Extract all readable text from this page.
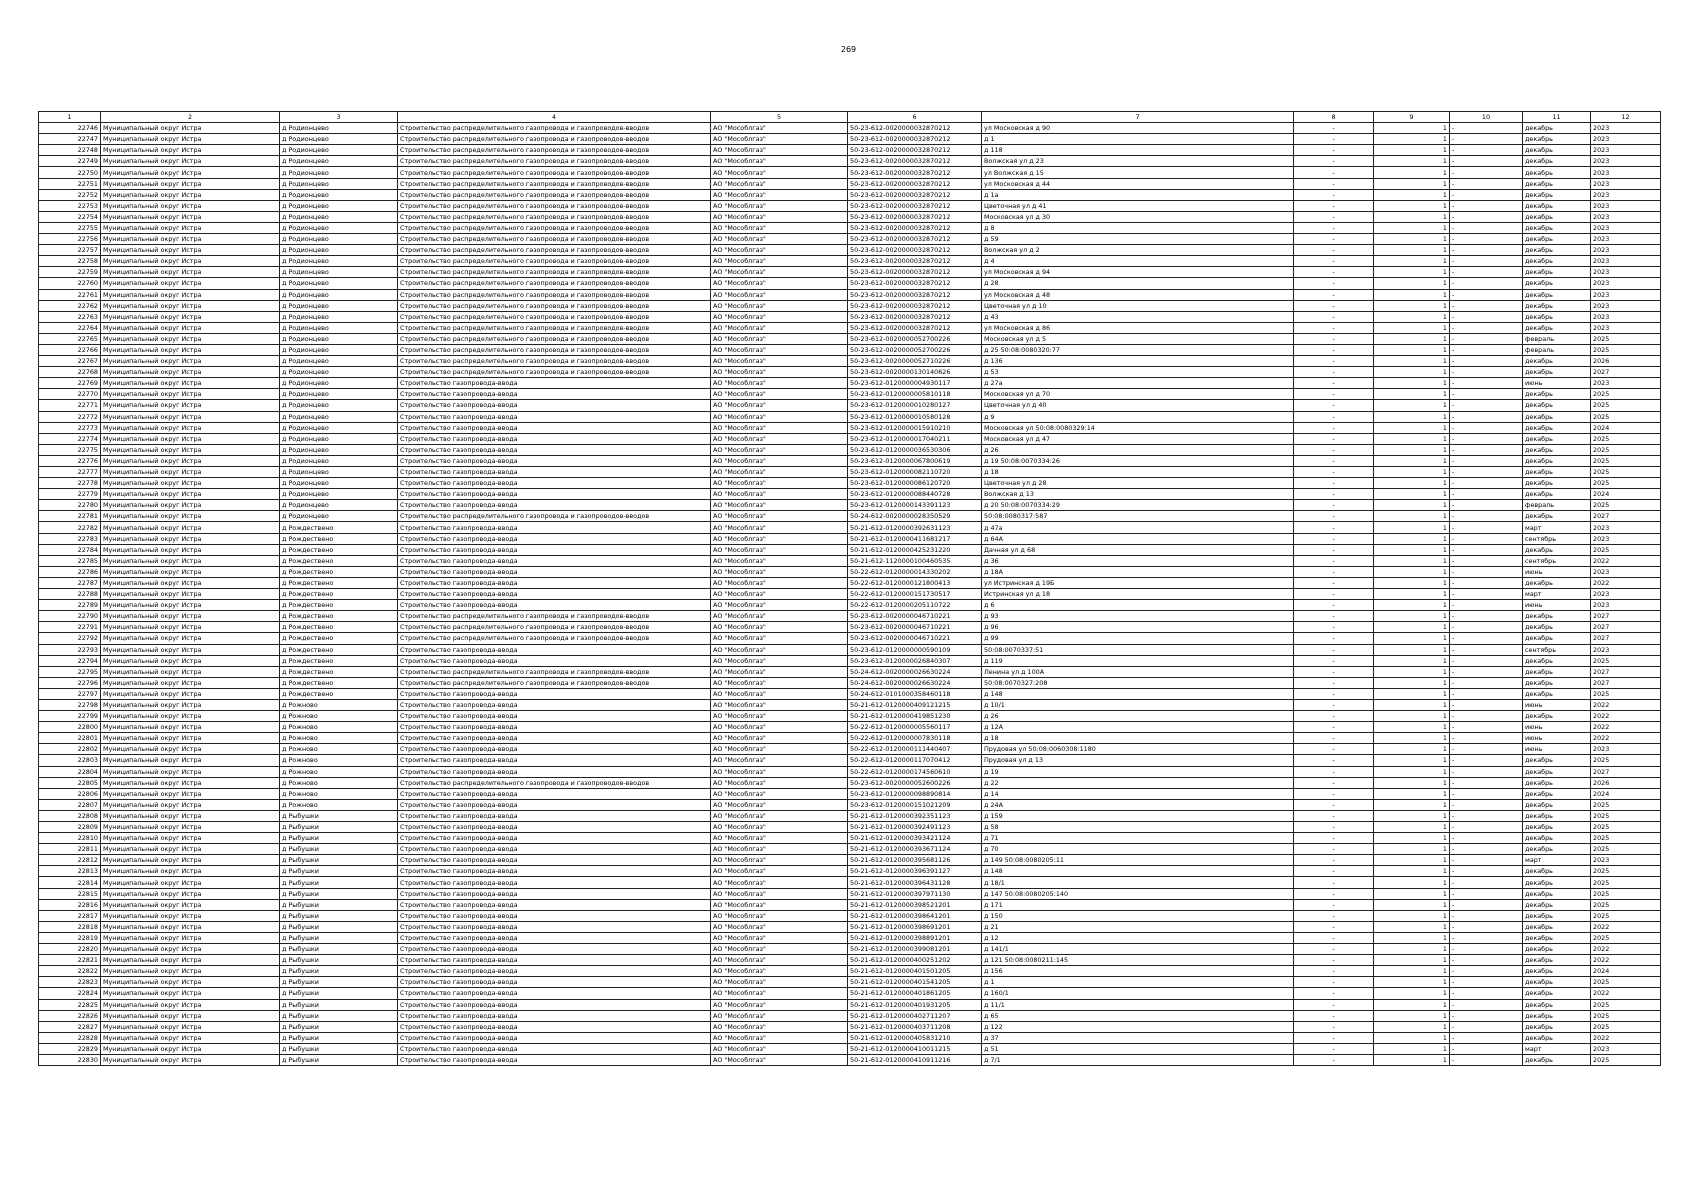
269
1	2	3	4	5	6	7	8	9	10	11	12
22746	Муниципальный округ Истра	д Родионцево	Строительство распределительного газопровода и газопроводов-вводов	АО "Мособлгаз"	50-23-612-0020000032870212	ул Московская д 90	-	1	-	декабрь	2023
22747	Муниципальный округ Истра	д Родионцево	Строительство распределительного газопровода и газопроводов-вводов	АО "Мособлгаз"	50-23-612-0020000032870212	д 1	-	1	-	декабрь	2023
22748	Муниципальный округ Истра	д Родионцево	Строительство распределительного газопровода и газопроводов-вводов	АО "Мособлгаз"	50-23-612-0020000032870212	д 118	-	1	-	декабрь	2023
22749	Муниципальный округ Истра	д Родионцево	Строительство распределительного газопровода и газопроводов-вводов	АО "Мособлгаз"	50-23-612-0020000032870212	Волжская ул д 23	-	1	-	декабрь	2023
22750	Муниципальный округ Истра	д Родионцево	Строительство распределительного газопровода и газопроводов-вводов	АО "Мособлгаз"	50-23-612-0020000032870212	ул Волжская д 15	-	1	-	декабрь	2023
22751	Муниципальный округ Истра	д Родионцево	Строительство распределительного газопровода и газопроводов-вводов	АО "Мособлгаз"	50-23-612-0020000032870212	ул Московская д 44	-	1	-	декабрь	2023
22752	Муниципальный округ Истра	д Родионцево	Строительство распределительного газопровода и газопроводов-вводов	АО "Мособлгаз"	50-23-612-0020000032870212	д 1а	-	1	-	декабрь	2023
22753	Муниципальный округ Истра	д Родионцево	Строительство распределительного газопровода и газопроводов-вводов	АО "Мособлгаз"	50-23-612-0020000032870212	Цветочная ул д 41	-	1	-	декабрь	2023
22754	Муниципальный округ Истра	д Родионцево	Строительство распределительного газопровода и газопроводов-вводов	АО "Мособлгаз"	50-23-612-0020000032870212	Московская ул д 30	-	1	-	декабрь	2023
22755	Муниципальный округ Истра	д Родионцево	Строительство распределительного газопровода и газопроводов-вводов	АО "Мособлгаз"	50-23-612-0020000032870212	д 8	-	1	-	декабрь	2023
22756	Муниципальный округ Истра	д Родионцево	Строительство распределительного газопровода и газопроводов-вводов	АО "Мособлгаз"	50-23-612-0020000032870212	д 59	-	1	-	декабрь	2023
22757	Муниципальный округ Истра	д Родионцево	Строительство распределительного газопровода и газопроводов-вводов	АО "Мособлгаз"	50-23-612-0020000032870212	Волжская ул д 2	-	1	-	декабрь	2023
22758	Муниципальный округ Истра	д Родионцево	Строительство распределительного газопровода и газопроводов-вводов	АО "Мособлгаз"	50-23-612-0020000032870212	д 4	-	1	-	декабрь	2023
22759	Муниципальный округ Истра	д Родионцево	Строительство распределительного газопровода и газопроводов-вводов	АО "Мособлгаз"	50-23-612-0020000032870212	ул Московская д 94	-	1	-	декабрь	2023
22760	Муниципальный округ Истра	д Родионцево	Строительство распределительного газопровода и газопроводов-вводов	АО "Мособлгаз"	50-23-612-0020000032870212	д 28	-	1	-	декабрь	2023
22761	Муниципальный округ Истра	д Родионцево	Строительство распределительного газопровода и газопроводов-вводов	АО "Мособлгаз"	50-23-612-0020000032870212	ул Московская д 48	-	1	-	декабрь	2023
22762	Муниципальный округ Истра	д Родионцево	Строительство распределительного газопровода и газопроводов-вводов	АО "Мособлгаз"	50-23-612-0020000032870212	Цветочная ул д 10	-	1	-	декабрь	2023
22763	Муниципальный округ Истра	д Родионцево	Строительство распределительного газопровода и газопроводов-вводов	АО "Мособлгаз"	50-23-612-0020000032870212	д 43	-	1	-	декабрь	2023
22764	Муниципальный округ Истра	д Родионцево	Строительство распределительного газопровода и газопроводов-вводов	АО "Мособлгаз"	50-23-612-0020000032870212	ул Московская д 86	-	1	-	декабрь	2023
22765	Муниципальный округ Истра	д Родионцево	Строительство распределительного газопровода и газопроводов-вводов	АО "Мособлгаз"	50-23-612-0020000052700226	Московская ул д 5	-	1	-	февраль	2025
22766	Муниципальный округ Истра	д Родионцево	Строительство распределительного газопровода и газопроводов-вводов	АО "Мособлгаз"	50-23-612-0020000052700226	д 25 50:08:0080320:77	-	1	-	февраль	2025
22767	Муниципальный округ Истра	д Родионцево	Строительство распределительного газопровода и газопроводов-вводов	АО "Мособлгаз"	50-23-612-0020000052710226	д 136	-	1	-	декабрь	2026
22768	Муниципальный округ Истра	д Родионцево	Строительство распределительного газопровода и газопроводов-вводов	АО "Мособлгаз"	50-23-612-0020000130140626	д 53	-	1	-	декабрь	2027
22769	Муниципальный округ Истра	д Родионцево	Строительство газопровода-ввода	АО "Мособлгаз"	50-23-612-0120000004930117	д 27а	-	1	-	июнь	2023
22770	Муниципальный округ Истра	д Родионцево	Строительство газопровода-ввода	АО "Мособлгаз"	50-23-612-0120000005810118	Московская ул д 70	-	1	-	декабрь	2025
22771	Муниципальный округ Истра	д Родионцево	Строительство газопровода-ввода	АО "Мособлгаз"	50-23-612-0120000010280127	Цветочная ул д 40	-	1	-	декабрь	2025
22772	Муниципальный округ Истра	д Родионцево	Строительство газопровода-ввода	АО "Мособлгаз"	50-23-612-0120000010580128	д 9	-	1	-	декабрь	2025
22773	Муниципальный округ Истра	д Родионцево	Строительство газопровода-ввода	АО "Мособлгаз"	50-23-612-0120000015910210	Московская ул 50:08:0080329:14	-	1	-	декабрь	2024
22774	Муниципальный округ Истра	д Родионцево	Строительство газопровода-ввода	АО "Мособлгаз"	50-23-612-0120000017040211	Московская ул д 47	-	1	-	декабрь	2025
22775	Муниципальный округ Истра	д Родионцево	Строительство газопровода-ввода	АО "Мособлгаз"	50-23-612-0120000036530306	д 26	-	1	-	декабрь	2025
22776	Муниципальный округ Истра	д Родионцево	Строительство газопровода-ввода	АО "Мособлгаз"	50-23-612-0120000067800619	д 19 50:08:0070334:26	-	1	-	декабрь	2025
22777	Муниципальный округ Истра	д Родионцево	Строительство газопровода-ввода	АО "Мособлгаз"	50-23-612-0120000082110720	д 18	-	1	-	декабрь	2025
22778	Муниципальный округ Истра	д Родионцево	Строительство газопровода-ввода	АО "Мособлгаз"	50-23-612-0120000086120720	Цветочная ул д 28	-	1	-	декабрь	2025
22779	Муниципальный округ Истра	д Родионцево	Строительство газопровода-ввода	АО "Мособлгаз"	50-23-612-0120000088440728	Волжская д 13	-	1	-	декабрь	2024
22780	Муниципальный округ Истра	д Родионцево	Строительство газопровода-ввода	АО "Мособлгаз"	50-23-612-0120000143391123	д 20 50:08:0070334:29	-	1	-	февраль	2025
22781	Муниципальный округ Истра	д Родионцево	Строительство распределительного газопровода и газопроводов-вводов	АО "Мособлгаз"	50-24-612-0020000028350529	50:08:0080317:587	-	1	-	декабрь	2027
22782	Муниципальный округ Истра	д Рождествено	Строительство газопровода-ввода	АО "Мособлгаз"	50-21-612-0120000392631123	д 47а	-	1	-	март	2023
22783	Муниципальный округ Истра	д Рождествено	Строительство газопровода-ввода	АО "Мособлгаз"	50-21-612-0120000411681217	д 64А	-	1	-	сентябрь	2023
22784	Муниципальный округ Истра	д Рождествено	Строительство газопровода-ввода	АО "Мособлгаз"	50-21-612-0120000425231220	Дачная ул д 68	-	1	-	декабрь	2025
22785	Муниципальный округ Истра	д Рождествено	Строительство газопровода-ввода	АО "Мособлгаз"	50-21-612-1120000100460535	д 36	-	1	-	сентябрь	2022
22786	Муниципальный округ Истра	д Рождествено	Строительство газопровода-ввода	АО "Мособлгаз"	50-22-612-0120000014330202	д 18А	-	1	-	июнь	2023
22787	Муниципальный округ Истра	д Рождествено	Строительство газопровода-ввода	АО "Мособлгаз"	50-22-612-0120000121800413	ул Истринская д 19Б	-	1	-	декабрь	2022
22788	Муниципальный округ Истра	д Рождествено	Строительство газопровода-ввода	АО "Мособлгаз"	50-22-612-0120000151730517	Истринская ул д 18	-	1	-	март	2023
22789	Муниципальный округ Истра	д Рождествено	Строительство газопровода-ввода	АО "Мособлгаз"	50-22-612-0120000205110722	д 6	-	1	-	июнь	2023
22790	Муниципальный округ Истра	д Рождествено	Строительство распределительного газопровода и газопроводов-вводов	АО "Мособлгаз"	50-23-612-0020000046710221	д 93	-	1	-	декабрь	2027
22791	Муниципальный округ Истра	д Рождествено	Строительство распределительного газопровода и газопроводов-вводов	АО "Мособлгаз"	50-23-612-0020000046710221	д 96	-	1	-	декабрь	2027
22792	Муниципальный округ Истра	д Рождествено	Строительство распределительного газопровода и газопроводов-вводов	АО "Мособлгаз"	50-23-612-0020000046710221	д 99	-	1	-	декабрь	2027
22793	Муниципальный округ Истра	д Рождествено	Строительство газопровода-ввода	АО "Мособлгаз"	50-23-612-0120000000590109	50:08:0070337:51	-	1	-	сентябрь	2023
22794	Муниципальный округ Истра	д Рождествено	Строительство газопровода-ввода	АО "Мособлгаз"	50-23-612-0120000026840307	д 119	-	1	-	декабрь	2025
22795	Муниципальный округ Истра	д Рождествено	Строительство распределительного газопровода и газопроводов-вводов	АО "Мособлгаз"	50-24-612-0020000026630224	Ленина ул д 100А	-	1	-	декабрь	2027
22796	Муниципальный округ Истра	д Рождествено	Строительство распределительного газопровода и газопроводов-вводов	АО "Мособлгаз"	50-24-612-0020000026630224	50:08:0070327:208	-	1	-	декабрь	2027
22797	Муниципальный округ Истра	д Рождествено	Строительство газопровода-ввода	АО "Мособлгаз"	50-24-612-0101000358460118	д 148	-	1	-	декабрь	2025
22798	Муниципальный округ Истра	д Рожново	Строительство газопровода-ввода	АО "Мособлгаз"	50-21-612-0120000409121215	д 10/1	-	1	-	июнь	2022
22799	Муниципальный округ Истра	д Рожново	Строительство газопровода-ввода	АО "Мособлгаз"	50-21-612-0120000419851230	д 26	-	1	-	декабрь	2022
22800	Муниципальный округ Истра	д Рожново	Строительство газопровода-ввода	АО "Мособлгаз"	50-22-612-0120000005560117	д 12А	-	1	-	июнь	2022
22801	Муниципальный округ Истра	д Рожново	Строительство газопровода-ввода	АО "Мособлгаз"	50-22-612-0120000007830118	д 18	-	1	-	июнь	2022
22802	Муниципальный округ Истра	д Рожново	Строительство газопровода-ввода	АО "Мособлгаз"	50-22-612-0120000111440407	Прудовая ул 50:08:0060308:1180	-	1	-	июнь	2023
22803	Муниципальный округ Истра	д Рожново	Строительство газопровода-ввода	АО "Мособлгаз"	50-22-612-0120000117070412	Прудовая ул д 13	-	1	-	декабрь	2025
22804	Муниципальный округ Истра	д Рожново	Строительство газопровода-ввода	АО "Мособлгаз"	50-22-612-0120000174560610	д 19	-	1	-	декабрь	2027
22805	Муниципальный округ Истра	д Рожново	Строительство распределительного газопровода и газопроводов-вводов	АО "Мособлгаз"	50-23-612-0020000052600226	д 22	-	1	-	декабрь	2026
22806	Муниципальный округ Истра	д Рожново	Строительство газопровода-ввода	АО "Мособлгаз"	50-23-612-0120000098890814	д 14	-	1	-	декабрь	2024
22807	Муниципальный округ Истра	д Рожново	Строительство газопровода-ввода	АО "Мособлгаз"	50-23-612-0120000151021209	д 24А	-	1	-	декабрь	2025
22808	Муниципальный округ Истра	д Рыбушки	Строительство газопровода-ввода	АО "Мособлгаз"	50-21-612-0120000392351123	д 159	-	1	-	декабрь	2025
22809	Муниципальный округ Истра	д Рыбушки	Строительство газопровода-ввода	АО "Мособлгаз"	50-21-612-0120000392491123	д 58	-	1	-	декабрь	2025
22810	Муниципальный округ Истра	д Рыбушки	Строительство газопровода-ввода	АО "Мособлгаз"	50-21-612-0120000393421124	д 71	-	1	-	декабрь	2025
22811	Муниципальный округ Истра	д Рыбушки	Строительство газопровода-ввода	АО "Мособлгаз"	50-21-612-0120000393671124	д 70	-	1	-	декабрь	2025
22812	Муниципальный округ Истра	д Рыбушки	Строительство газопровода-ввода	АО "Мособлгаз"	50-21-612-0120000395681126	д 149 50:08:0080205:11	-	1	-	март	2023
22813	Муниципальный округ Истра	д Рыбушки	Строительство газопровода-ввода	АО "Мособлгаз"	50-21-612-0120000396391127	д 148	-	1	-	декабрь	2025
22814	Муниципальный округ Истра	д Рыбушки	Строительство газопровода-ввода	АО "Мособлгаз"	50-21-612-0120000396431128	д 18/1	-	1	-	декабрь	2025
22815	Муниципальный округ Истра	д Рыбушки	Строительство газопровода-ввода	АО "Мособлгаз"	50-21-612-0120000397971130	д 147 50:08:0080205:140	-	1	-	декабрь	2025
22816	Муниципальный округ Истра	д Рыбушки	Строительство газопровода-ввода	АО "Мособлгаз"	50-21-612-0120000398521201	д 171	-	1	-	декабрь	2025
22817	Муниципальный округ Истра	д Рыбушки	Строительство газопровода-ввода	АО "Мособлгаз"	50-21-612-0120000398641201	д 150	-	1	-	декабрь	2025
22818	Муниципальный округ Истра	д Рыбушки	Строительство газопровода-ввода	АО "Мособлгаз"	50-21-612-0120000398691201	д 21	-	1	-	декабрь	2022
22819	Муниципальный округ Истра	д Рыбушки	Строительство газопровода-ввода	АО "Мособлгаз"	50-21-612-0120000398891201	д 12	-	1	-	декабрь	2025
22820	Муниципальный округ Истра	д Рыбушки	Строительство газопровода-ввода	АО "Мособлгаз"	50-21-612-0120000399081201	д 141/1	-	1	-	декабрь	2022
22821	Муниципальный округ Истра	д Рыбушки	Строительство газопровода-ввода	АО "Мособлгаз"	50-21-612-0120000400251202	д 121 50:08:0080211:145	-	1	-	декабрь	2022
22822	Муниципальный округ Истра	д Рыбушки	Строительство газопровода-ввода	АО "Мособлгаз"	50-21-612-0120000401501205	д 156	-	1	-	декабрь	2024
22823	Муниципальный округ Истра	д Рыбушки	Строительство газопровода-ввода	АО "Мособлгаз"	50-21-612-0120000401541205	д 1	-	1	-	декабрь	2025
22824	Муниципальный округ Истра	д Рыбушки	Строительство газопровода-ввода	АО "Мособлгаз"	50-21-612-0120000401861205	д 160/1	-	1	-	декабрь	2022
22825	Муниципальный округ Истра	д Рыбушки	Строительство газопровода-ввода	АО "Мособлгаз"	50-21-612-0120000401931205	д 11/1	-	1	-	декабрь	2025
22826	Муниципальный округ Истра	д Рыбушки	Строительство газопровода-ввода	АО "Мособлгаз"	50-21-612-0120000402711207	д 65	-	1	-	декабрь	2025
22827	Муниципальный округ Истра	д Рыбушки	Строительство газопровода-ввода	АО "Мособлгаз"	50-21-612-0120000403711208	д 122	-	1	-	декабрь	2025
22828	Муниципальный округ Истра	д Рыбушки	Строительство газопровода-ввода	АО "Мособлгаз"	50-21-612-0120000405831210	д 37	-	1	-	декабрь	2022
22829	Муниципальный округ Истра	д Рыбушки	Строительство газопровода-ввода	АО "Мособлгаз"	50-21-612-0120000410011215	д 51	-	1	-	март	2023
22830	Муниципальный округ Истра	д Рыбушки	Строительство газопровода-ввода	АО "Мособлгаз"	50-21-612-0120000410911216	д 7/1	-	1	-	декабрь	2025
